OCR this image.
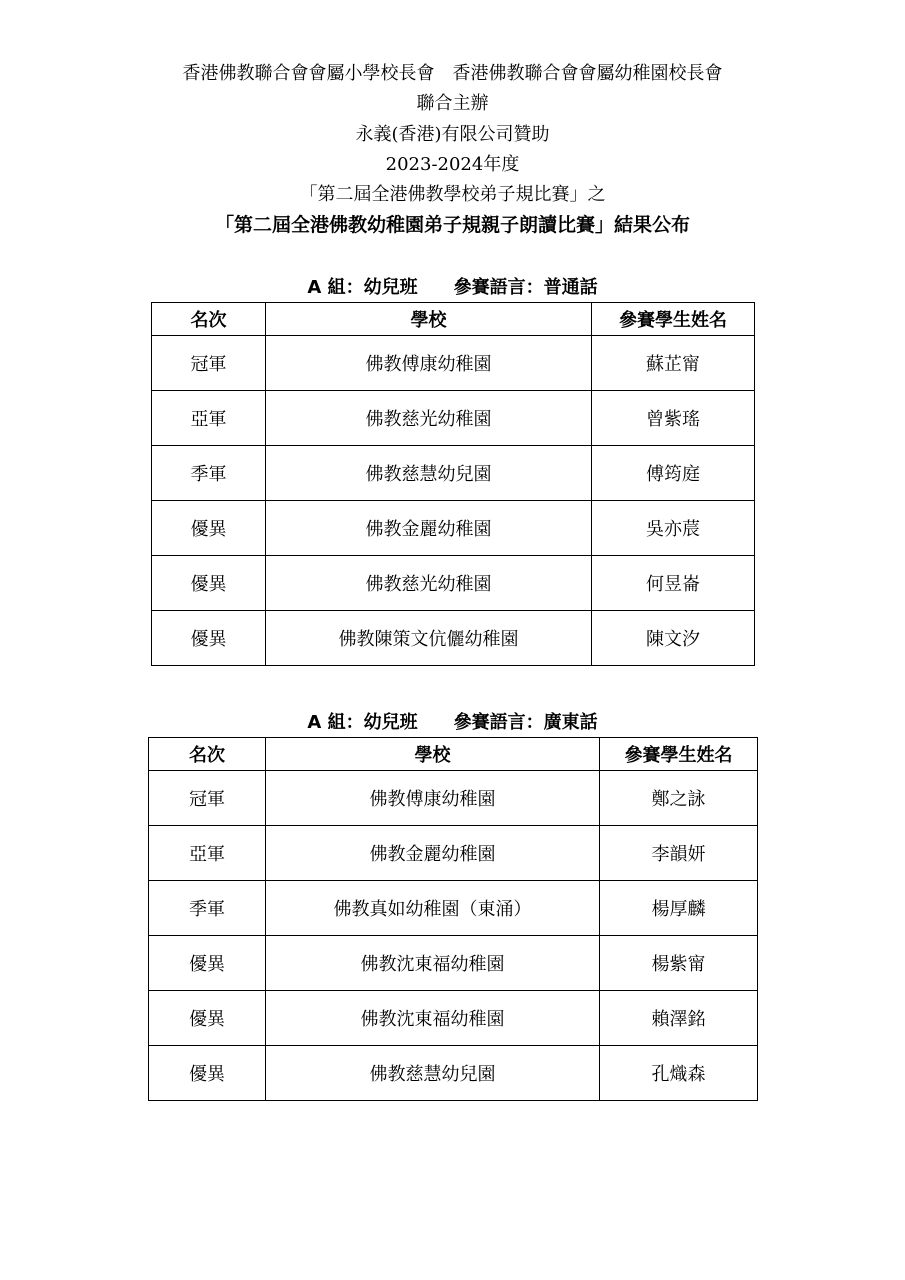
香港佛教聯合會會屬小學校長會　香港佛教聯合會會屬幼稚園校長會
聯合主辦
永義(香港)有限公司贊助
2023-2024年度
「第二屆全港佛教學校弟子規比賽」之
「第二屆全港佛教幼稚園弟子規親子朗讀比賽」結果公布
A 組：幼兒班　　參賽語言：普通話
名次	學校	參賽學生姓名
冠軍	佛教傅康幼稚園	蘇芷甯
亞軍	佛教慈光幼稚園	曾紫瑤
季軍	佛教慈慧幼兒園	傅筠庭
優異	佛教金麗幼稚園	吳亦莀
優異	佛教慈光幼稚園	何昱崙
優異	佛教陳策文伉儷幼稚園	陳文汐
A 組：幼兒班　　參賽語言：廣東話
名次	學校	參賽學生姓名
冠軍	佛教傅康幼稚園	鄭之詠
亞軍	佛教金麗幼稚園	李韻妍
季軍	佛教真如幼稚園（東涌）	楊厚麟
優異	佛教沈東福幼稚園	楊紫甯
優異	佛教沈東福幼稚園	賴澤銘
優異	佛教慈慧幼兒園	孔熾森
